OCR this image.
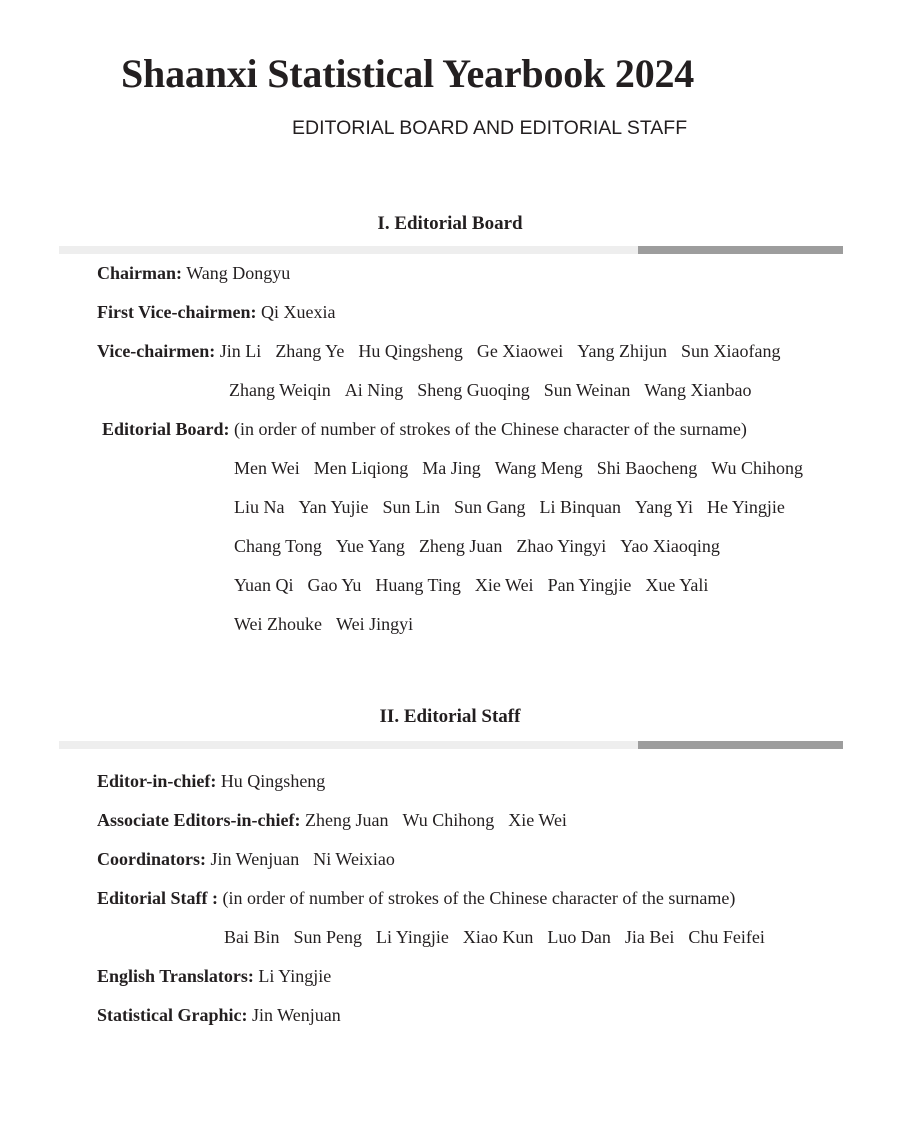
Shaanxi Statistical Yearbook 2024
EDITORIAL BOARD AND EDITORIAL STAFF
I. Editorial Board
Chairman: Wang Dongyu
First Vice-chairmen: Qi Xuexia
Vice-chairmen: Jin Li Zhang Ye Hu Qingsheng Ge Xiaowei Yang Zhijun Sun Xiaofang
Zhang Weiqin Ai Ning Sheng Guoqing Sun Weinan Wang Xianbao
Editorial Board: (in order of number of strokes of the Chinese character of the surname)
Men Wei Men Liqiong Ma Jing Wang Meng Shi Baocheng Wu Chihong
Liu Na Yan Yujie Sun Lin Sun Gang Li Binquan Yang Yi He Yingjie
Chang Tong Yue Yang Zheng Juan Zhao Yingyi Yao Xiaoqing
Yuan Qi Gao Yu Huang Ting Xie Wei Pan Yingjie Xue Yali
Wei Zhouke Wei Jingyi
II. Editorial Staff
Editor-in-chief: Hu Qingsheng
Associate Editors-in-chief: Zheng Juan Wu Chihong Xie Wei
Coordinators: Jin Wenjuan Ni Weixiao
Editorial Staff : (in order of number of strokes of the Chinese character of the surname)
Bai Bin Sun Peng Li Yingjie Xiao Kun Luo Dan Jia Bei Chu Feifei
English Translators: Li Yingjie
Statistical Graphic: Jin Wenjuan
